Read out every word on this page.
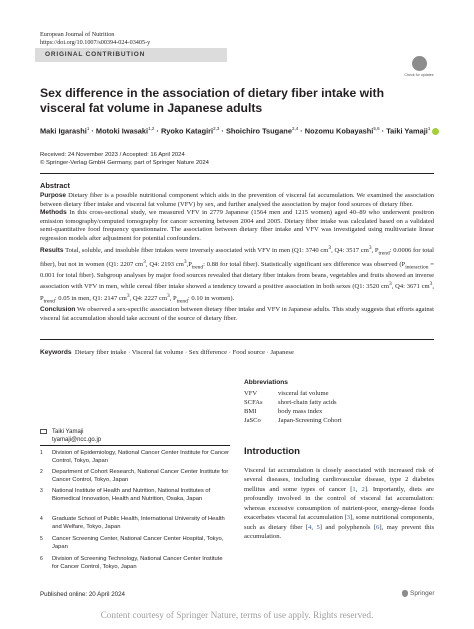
European Journal of Nutrition
https://doi.org/10.1007/s00394-024-03405-y
ORIGINAL CONTRIBUTION
Check for updates
Sex difference in the association of dietary fiber intake with visceral fat volume in Japanese adults
Maki Igarashi$^1$ · Motoki Iwasaki$^{1,2}$ · Ryoko Katagiri$^{2,3}$ · Shoichiro Tsugane$^{2,4}$ · Nozomu Kobayashi$^{5,6}$ · Taiki Yamaji$^1$
Received: 24 November 2023 / Accepted: 16 April 2024
© Springer-Verlag GmbH Germany, part of Springer Nature 2024
Abstract

Purpose Dietary fiber is a possible nutritional component which aids in the prevention of visceral fat accumulation. We examined the association between dietary fiber intake and visceral fat volume (VFV) by sex, and further analysed the association by major food sources of dietary fiber.

Methods In this cross-sectional study, we measured VFV in 2779 Japanese (1564 men and 1215 women) aged 40–89 who underwent positron emission tomography/computed tomography for cancer screening between 2004 and 2005. Dietary fiber intake was calculated based on a validated semi-quantitative food frequency questionnaire. The association between dietary fiber intake and VFV was investigated using multivariate linear regression models after adjustment for potential confounders.

Results Total, soluble, and insoluble fiber intakes were inversely associated with VFV in men (Q1: 3740 $cm^3$, Q4: 3517 $cm^3$, $P_{trend}$: 0.0006 for total fiber), but not in women (Q1: 2207 $cm^3$, Q4: 2193 $cm^3,P_{trend}$: 0.88 for total fiber). Statistically significant sex difference was observed ($P_{interaction} = 0.001$ for total fiber). Subgroup analyses by major food sources revealed that dietary fiber intakes from beans, vegetables and fruits showed an inverse association with VFV in men, while cereal fiber intake showed a tendency toward a positive association in both sexes (Q1: 3520 $cm^3$, Q4: 3671 $cm^3$, $P_{trend}$: 0.05 in men, Q1: 2147 $cm^3$, Q4: 2227 $cm^3$, $P_{trend}$: 0.10 in women).

Conclusion We observed a sex-specific association between dietary fiber intake and VFV in Japanese adults. This study suggests that efforts against visceral fat accumulation should take account of the source of dietary fiber.

Keywords Dietary fiber intake · Visceral fat volume · Sex difference · Food source · Japanese
Abbreviations
VFV	visceral fat volume
SCFAs	short-chain fatty acids
BMI	body mass index
JaSCo	Japan-Screening Cohort
Taiki Yamaji
tyamaji@ncc.go.jp
1	Division of Epidemiology, National Cancer Center Institute for Cancer Control, Tokyo, Japan
2	Department of Cohort Research, National Cancer Center Institute for Cancer Control, Tokyo, Japan
3	National Institute of Health and Nutrition, National Institutes of Biomedical Innovation, Health and Nutrition, Osaka, Japan
4	Graduate School of Public Health, International University of Health and Welfare, Tokyo, Japan
5	Cancer Screening Center, National Cancer Center Hospital, Tokyo, Japan
6	Division of Screening Technology, National Cancer Center Institute for Cancer Control, Tokyo, Japan
Introduction
Visceral fat accumulation is closely associated with increased risk of several diseases, including cardiovascular disease, type 2 diabetes mellitus and some types of cancer [1, 2]. Importantly, diets are profoundly involved in the control of visceral fat accumulation: whereas excessive consumption of nutrient-poor, energy-dense foods exacerbates visceral fat accumulation [3], some nutritional components, such as dietary fiber [4, 5] and polyphenols [6], may prevent this accumulation.
Published online: 20 April 2024	Springer
Content courtesy of Springer Nature, terms of use apply. Rights reserved.
